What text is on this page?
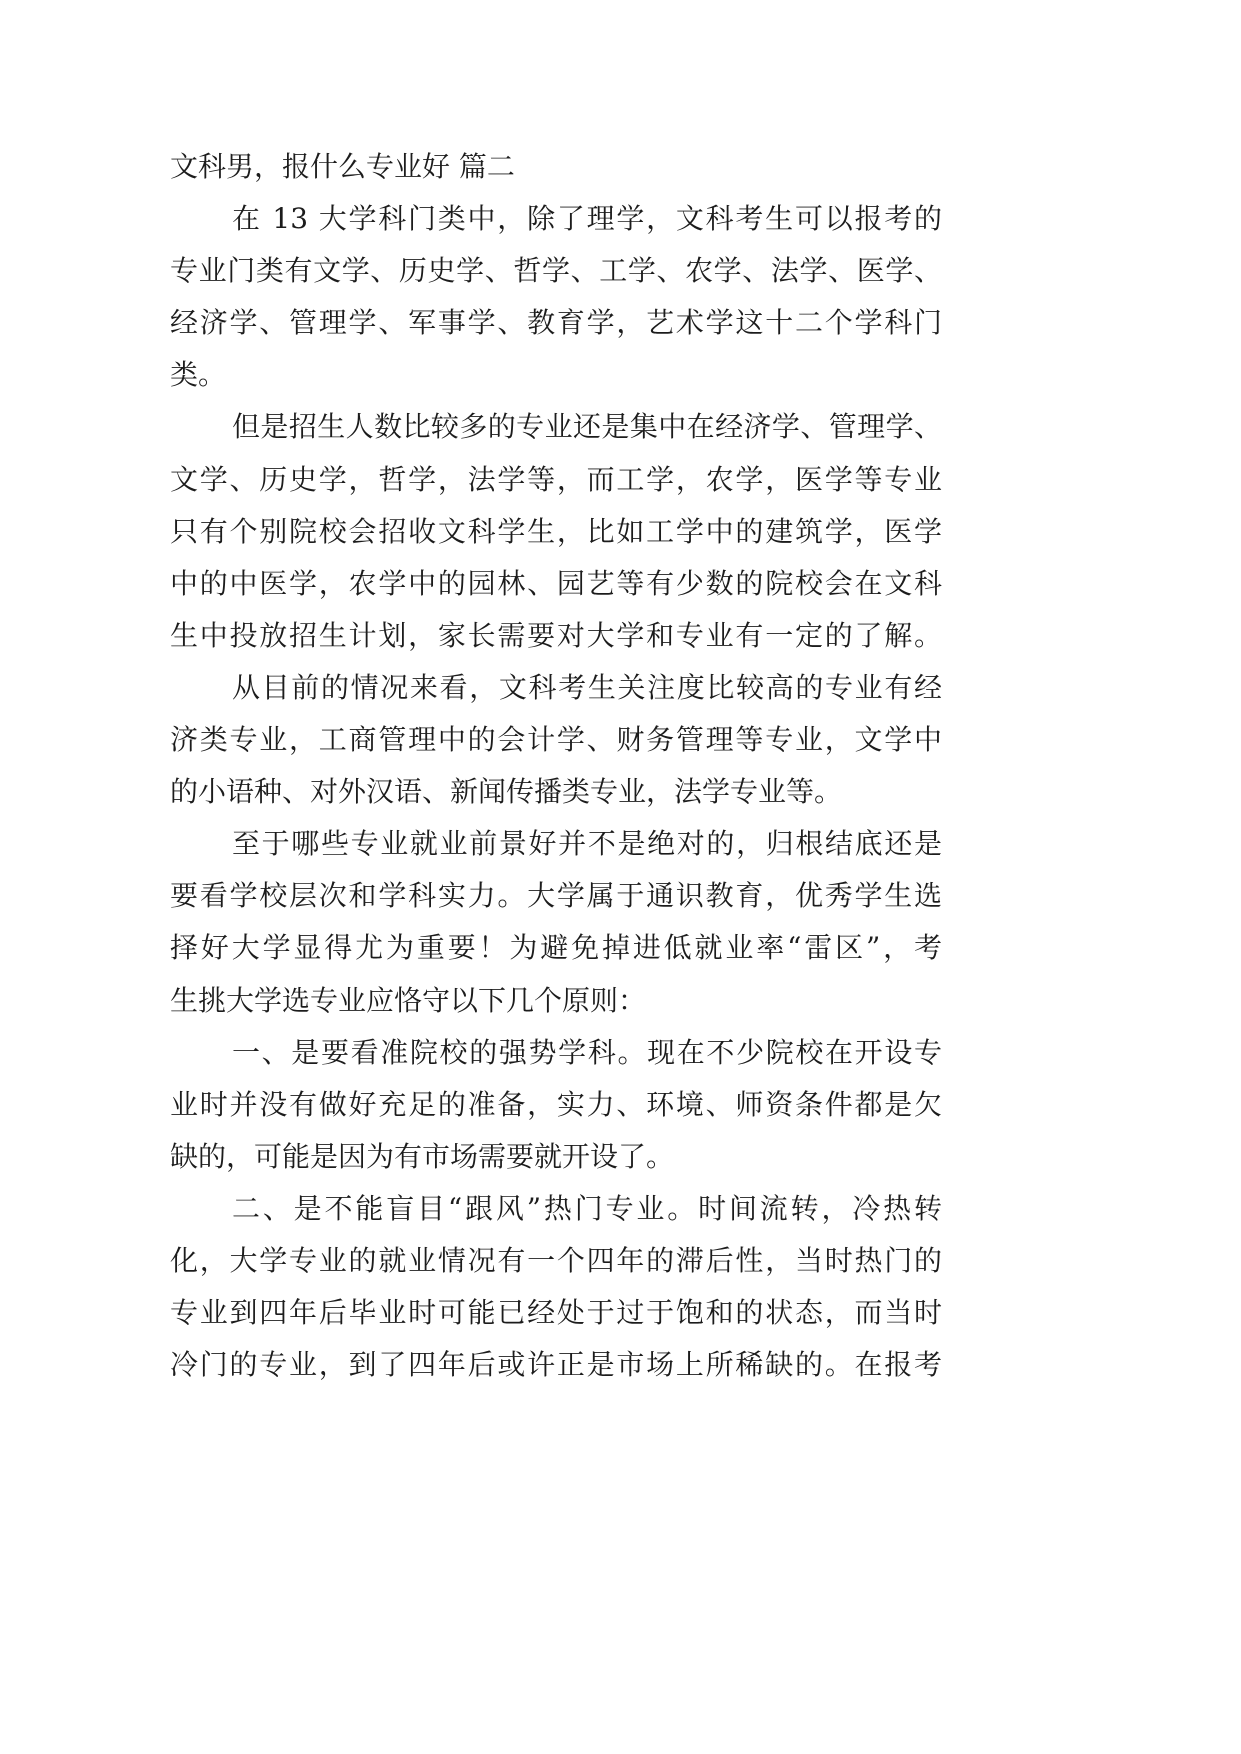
文科男，报什么专业好 篇二
在 13 大学科门类中，除了理学，文科考生可以报考的
专业门类有文学、历史学、哲学、工学、农学、法学、医学、
经济学、管理学、军事学、教育学，艺术学这十二个学科门
类。
但是招生人数比较多的专业还是集中在经济学、管理学、
文学、历史学，哲学，法学等，而工学，农学，医学等专业
只有个别院校会招收文科学生，比如工学中的建筑学，医学
中的中医学，农学中的园林、园艺等有少数的院校会在文科
生中投放招生计划，家长需要对大学和专业有一定的了解。
从目前的情况来看，文科考生关注度比较高的专业有经
济类专业，工商管理中的会计学、财务管理等专业，文学中
的小语种、对外汉语、新闻传播类专业，法学专业等。
至于哪些专业就业前景好并不是绝对的，归根结底还是
要看学校层次和学科实力。大学属于通识教育，优秀学生选
择好大学显得尤为重要！为避免掉进低就业率“雷区”，考
生挑大学选专业应恪守以下几个原则：
一、是要看准院校的强势学科。现在不少院校在开设专
业时并没有做好充足的准备，实力、环境、师资条件都是欠
缺的，可能是因为有市场需要就开设了。
二、是不能盲目“跟风”热门专业。时间流转，冷热转
化，大学专业的就业情况有一个四年的滞后性，当时热门的
专业到四年后毕业时可能已经处于过于饱和的状态，而当时
冷门的专业，到了四年后或许正是市场上所稀缺的。在报考
